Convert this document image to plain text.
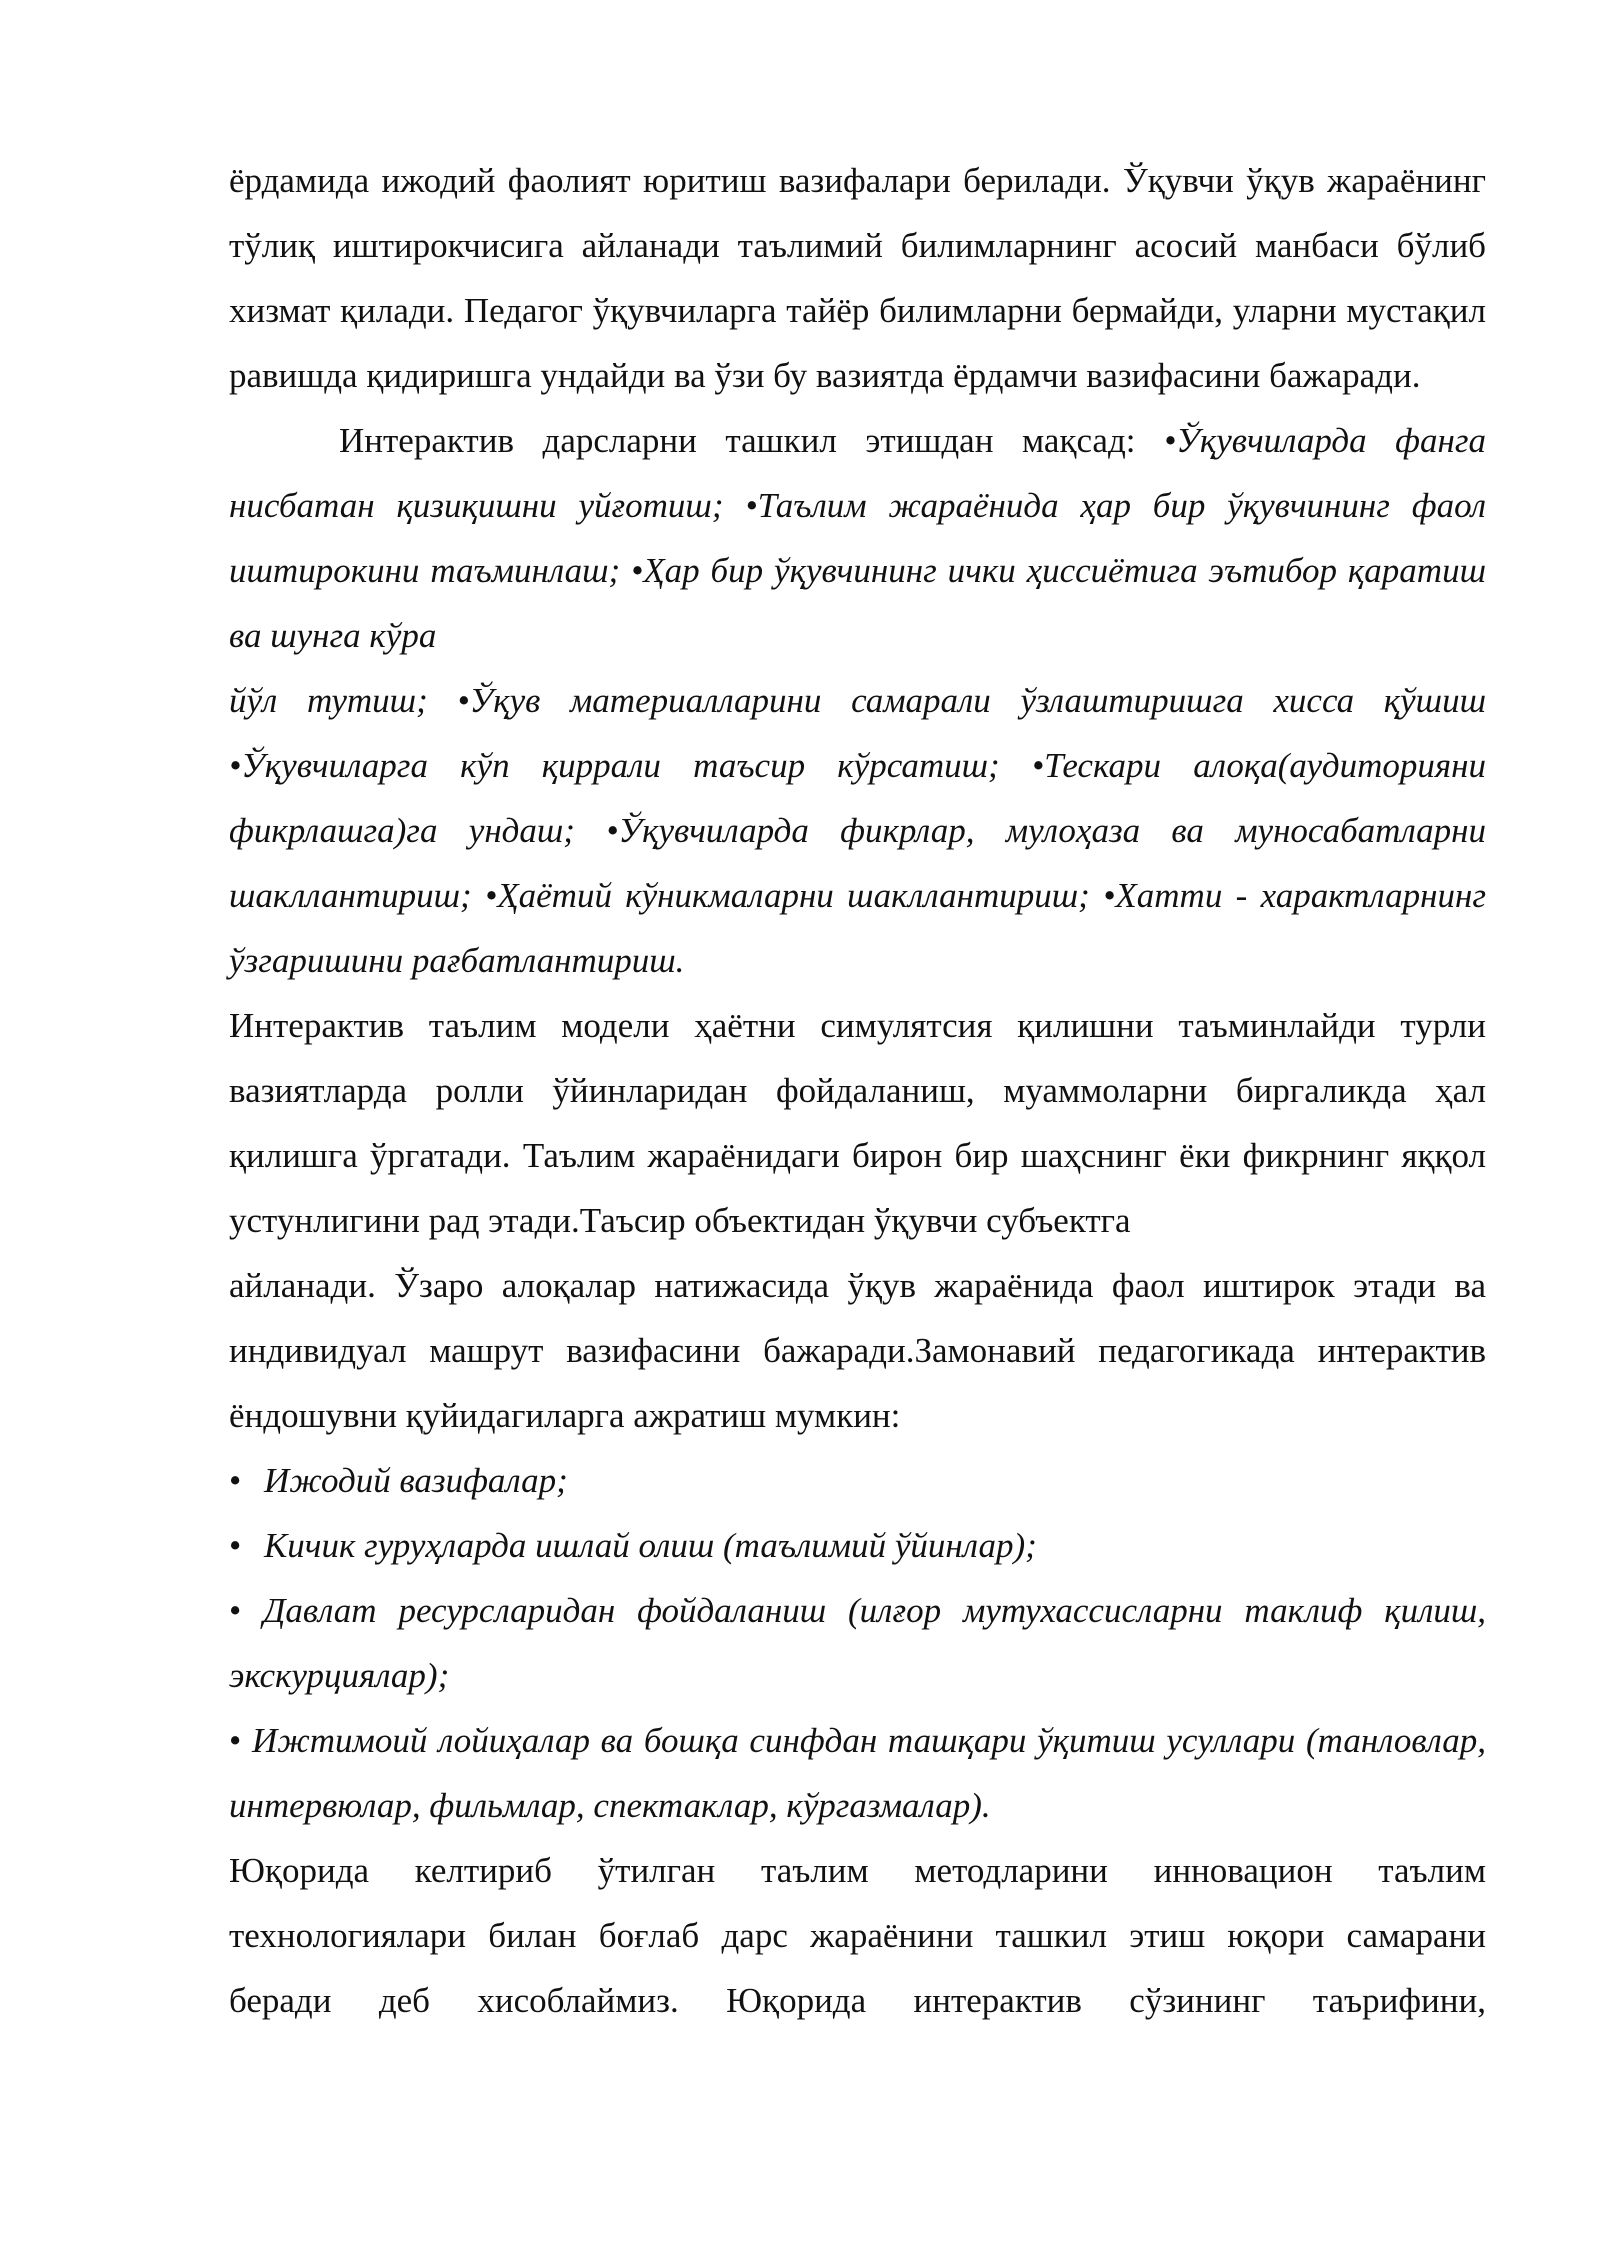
ёрдамида ижодий фаолият юритиш вазифалари берилади. Ўқувчи ўқув жараёнинг тўлиқ иштирокчисига айланади таълимий билимларнинг асосий манбаси бўлиб хизмат қилади. Педагог ўқувчиларга тайёр билимларни бермайди, уларни мустақил равишда қидиришга ундайди ва ўзи бу вазиятда ёрдамчи вазифасини бажаради.

Интерактив дарсларни ташкил этишдан мақсад: •Ўқувчиларда фанга нисбатан қизиқишни уйғотиш; •Таълим жараёнида ҳар бир ўқувчининг фаол иштирокини таъминлаш; •Ҳар бир ўқувчининг ички ҳиссиётига эътибор қаратиш ва шунга кўра

йўл тутиш; •Ўқув материалларини самарали ўзлаштиришга хисса қўшиш •Ўқувчиларга кўп қиррали таъсир кўрсатиш; •Тескари алоқа(аудиторияни фикрлашга)га ундаш; •Ўқувчиларда фикрлар, мулоҳаза ва муносабатларни шакллантириш; •Ҳаётий кўникмаларни шакллантириш; •Хатти - характларнинг ўзгаришини рағбатлантириш.

Интерактив таълим модели ҳаётни симулятсия қилишни таъминлайди турли вазиятларда ролли ўйинларидан фойдаланиш, муаммоларни биргаликда ҳал қилишга ўргатади. Таълим жараёнидаги бирон бир шаҳснинг ёки фикрнинг яққол устунлигини рад этади.Таъсир объектидан ўқувчи субъектга

айланади. Ўзаро алоқалар натижасида ўқув жараёнида фаол иштирок этади ва индивидуал машрут вазифасини бажаради.Замонавий педагогикада интерактив ёндошувни қуйидагиларга ажратиш мумкин:

• Ижодий вазифалар;
• Кичик гуруҳларда ишлай олиш (таълимий ўйинлар);

• Давлат ресурсларидан фойдаланиш (илғор мутухассисларни таклиф қилиш, экскурциялар);

• Ижтимоий лойиҳалар ва бошқа синфдан ташқари ўқитиш усуллари (танловлар, интервюлар, фильмлар, спектаклар, кўргазмалар).

Юқорида келтириб ўтилган таълим методларини инновацион таълим технологиялари билан боғлаб дарс жараёнини ташкил этиш юқори самарани беради деб хисоблаймиз. Юқорида интерактив сўзининг таърифини,
